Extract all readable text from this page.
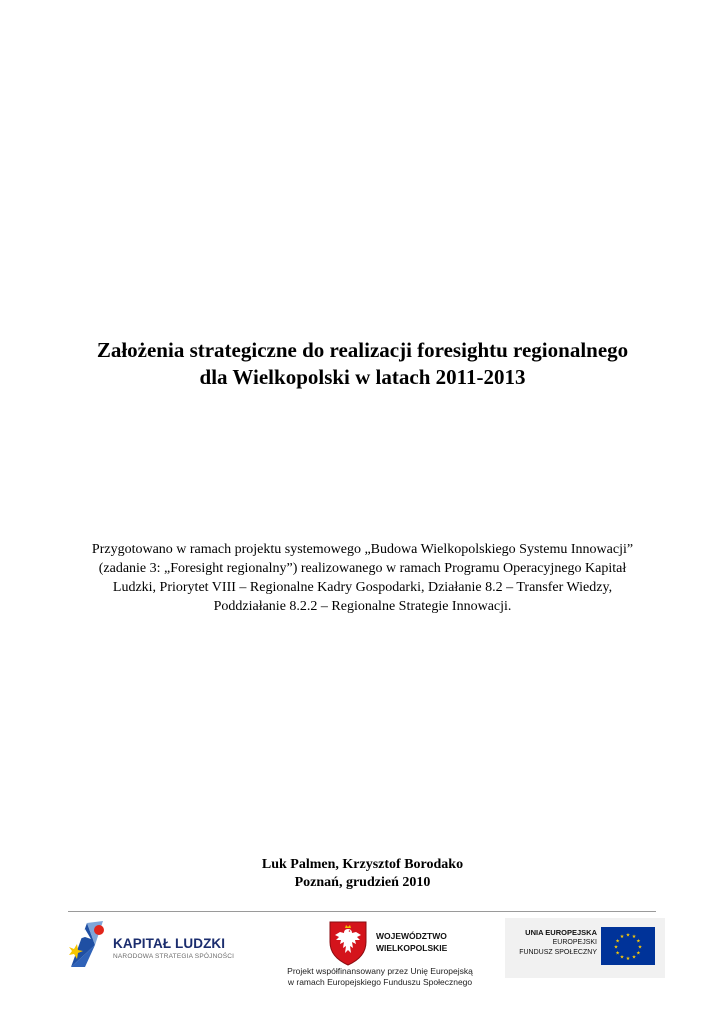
Założenia strategiczne do realizacji foresightu regionalnego
dla Wielkopolski w latach 2011-2013
Przygotowano w ramach projektu systemowego „Budowa Wielkopolskiego Systemu Innowacji”
(zadanie 3: „Foresight regionalny”) realizowanego w ramach Programu Operacyjnego Kapitał
Ludzki, Priorytet VIII – Regionalne Kadry Gospodarki, Działanie 8.2 – Transfer Wiedzy,
Poddziałanie 8.2.2 – Regionalne Strategie Innowacji.
Luk Palmen, Krzysztof Borodako
Poznań, grudzień 2010
KAPITAŁ LUDZKI
NARODOWA STRATEGIA SPÓJNOŚCI
WOJEWÓDZTWO
WIELKOPOLSKIE
UNIA EUROPEJSKA
EUROPEJSKI
FUNDUSZ SPOŁECZNY
★ ★
★
★
★
★
★
★
★
★
★
★
Projekt współfinansowany przez Unię Europejską
w ramach Europejskiego Funduszu Społecznego
